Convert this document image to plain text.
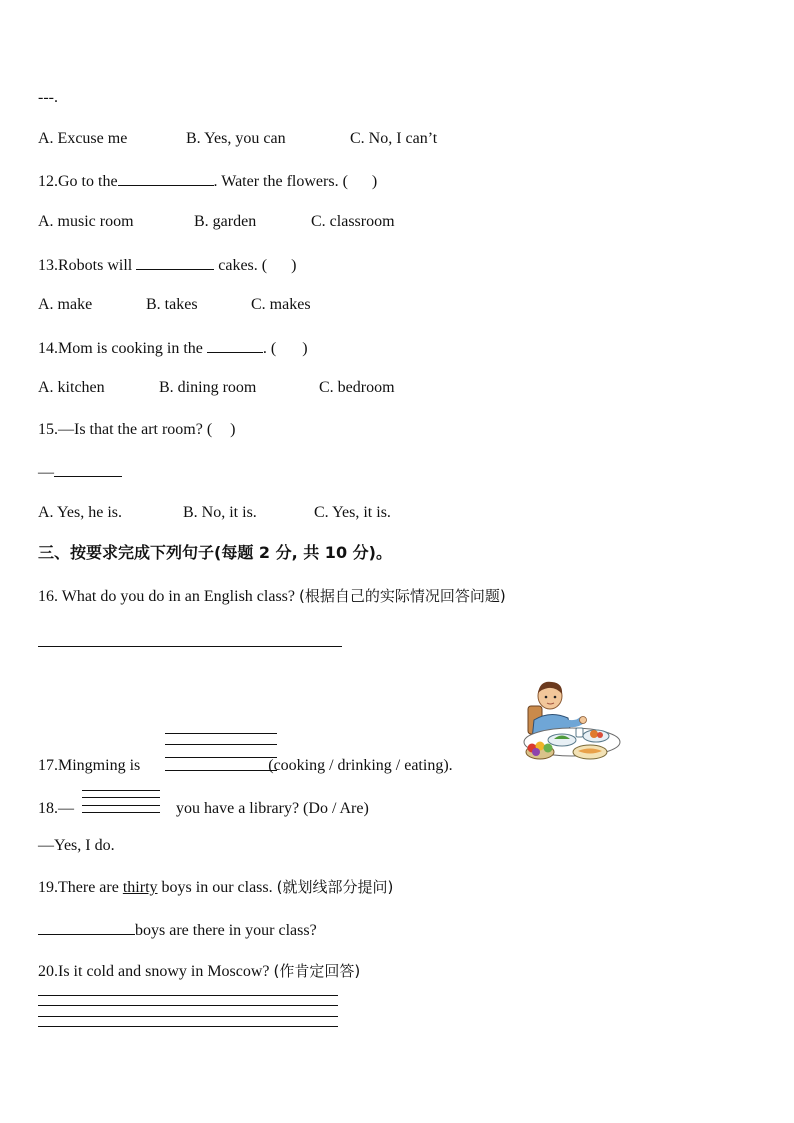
---.
A. Excuse me	B. Yes, you can	C. No, I can’t
12.Go to the	. Water the flowers. ( )
A. music room	B. garden	C. classroom
13.Robots will	cakes. ( )
A. make	B. takes	C. makes
14.Mom is cooking in the	. ( )
A. kitchen	B. dining room	C. bedroom
15.—Is that the art room? ( )
—
A. Yes, he is.	B. No, it is.	C. Yes, it is.
三、按要求完成下列句子(每题 2 分, 共 10 分)。
16. What do you do in an English class? (根据自己的实际情况回答问题)
17.Mingming is	(cooking / drinking / eating).
18.—	you have a library? (Do / Are)
—Yes, I do.
19.There are thirty boys in our class. (就划线部分提问)
boys are there in your class?
20.Is it cold and snowy in Moscow? (作肯定回答)
